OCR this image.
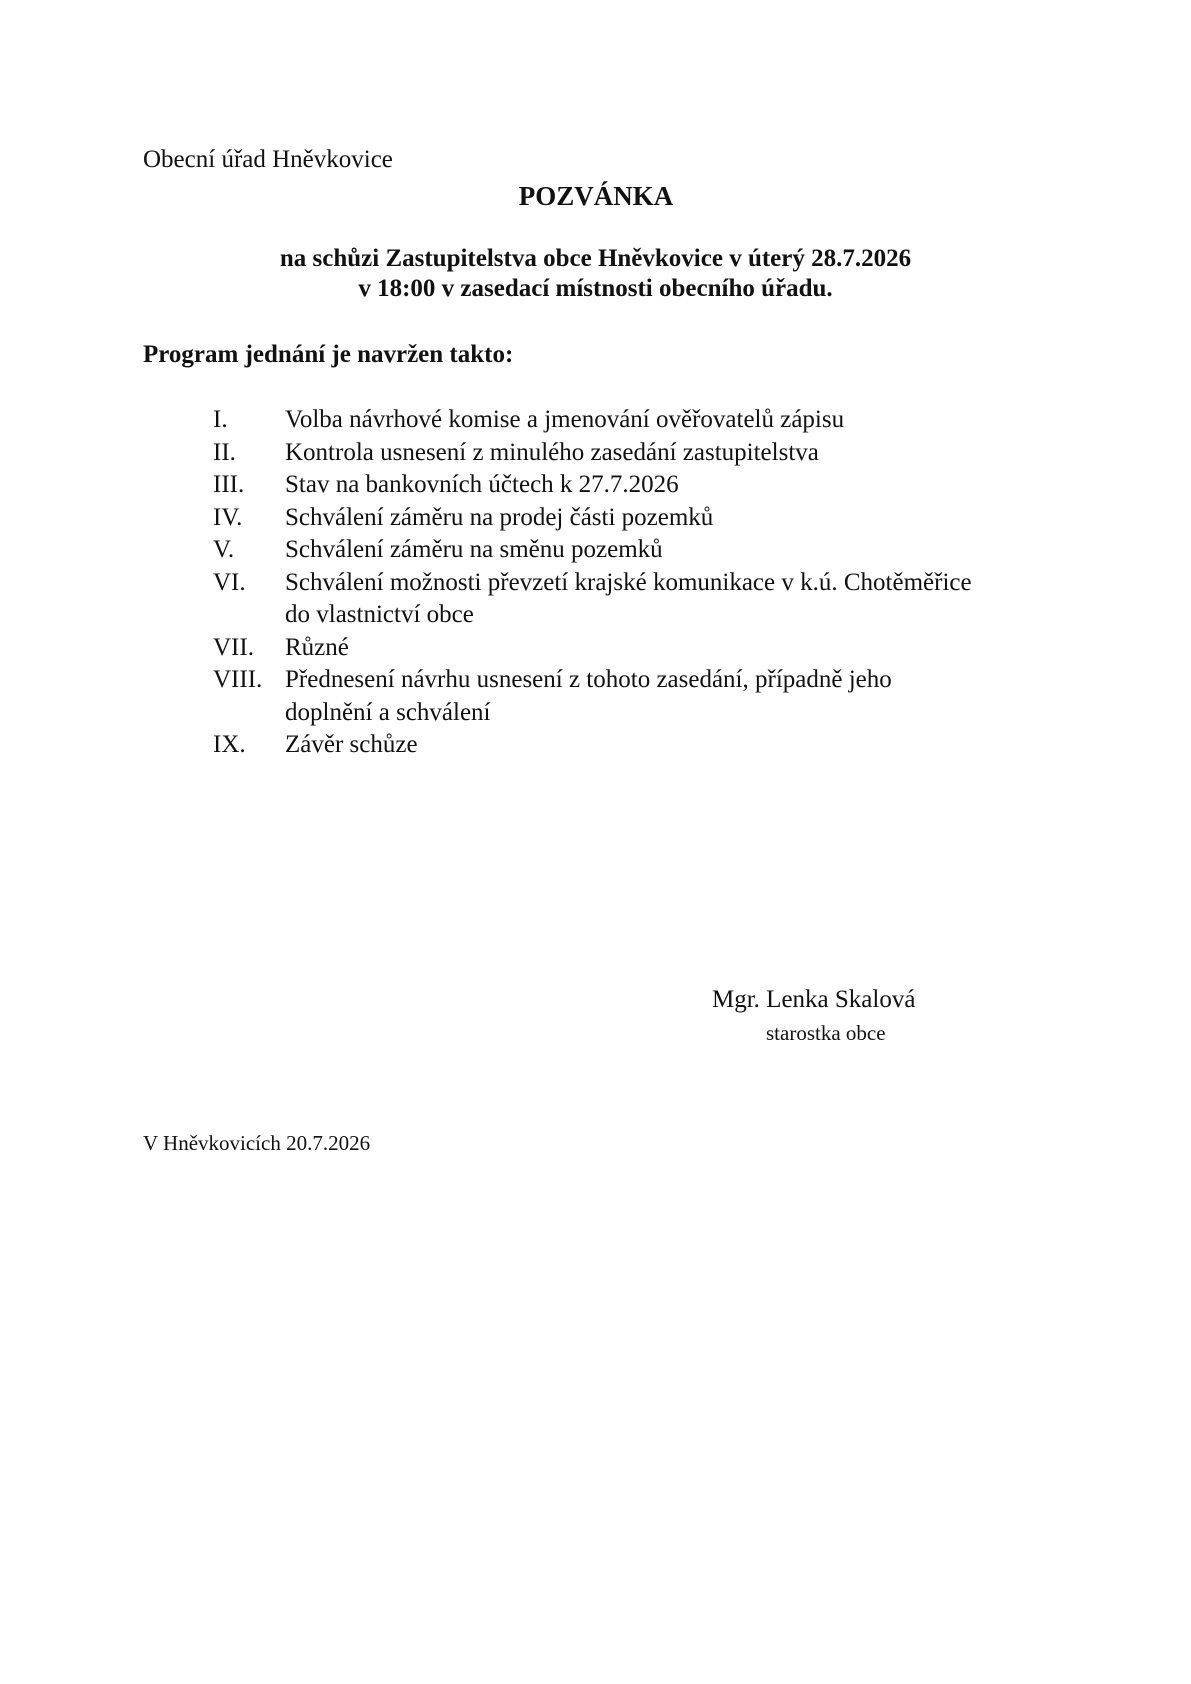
Obecní úřad Hněvkovice
POZVÁNKA
na schůzi Zastupitelstva obce Hněvkovice v úterý 28.7.2026
v 18:00 v zasedací místnosti obecního úřadu.
Program jednání je navržen takto:
I.	Volba návrhové komise a jmenování ověřovatelů zápisu
II.	Kontrola usnesení z minulého zasedání zastupitelstva
III.	Stav na bankovních účtech k 27.7.2026
IV.	Schválení záměru na prodej části pozemků
V.	Schválení záměru na směnu pozemků
VI.	Schválení možnosti převzetí krajské komunikace v k.ú. Chotěměřice do vlastnictví obce
VII.	Různé
VIII. Přednesení návrhu usnesení z tohoto zasedání, případně jeho doplnění a schválení
IX.	Závěr schůze
Mgr. Lenka Skalová
starostka obce
V Hněvkovicích 20.7.2026
